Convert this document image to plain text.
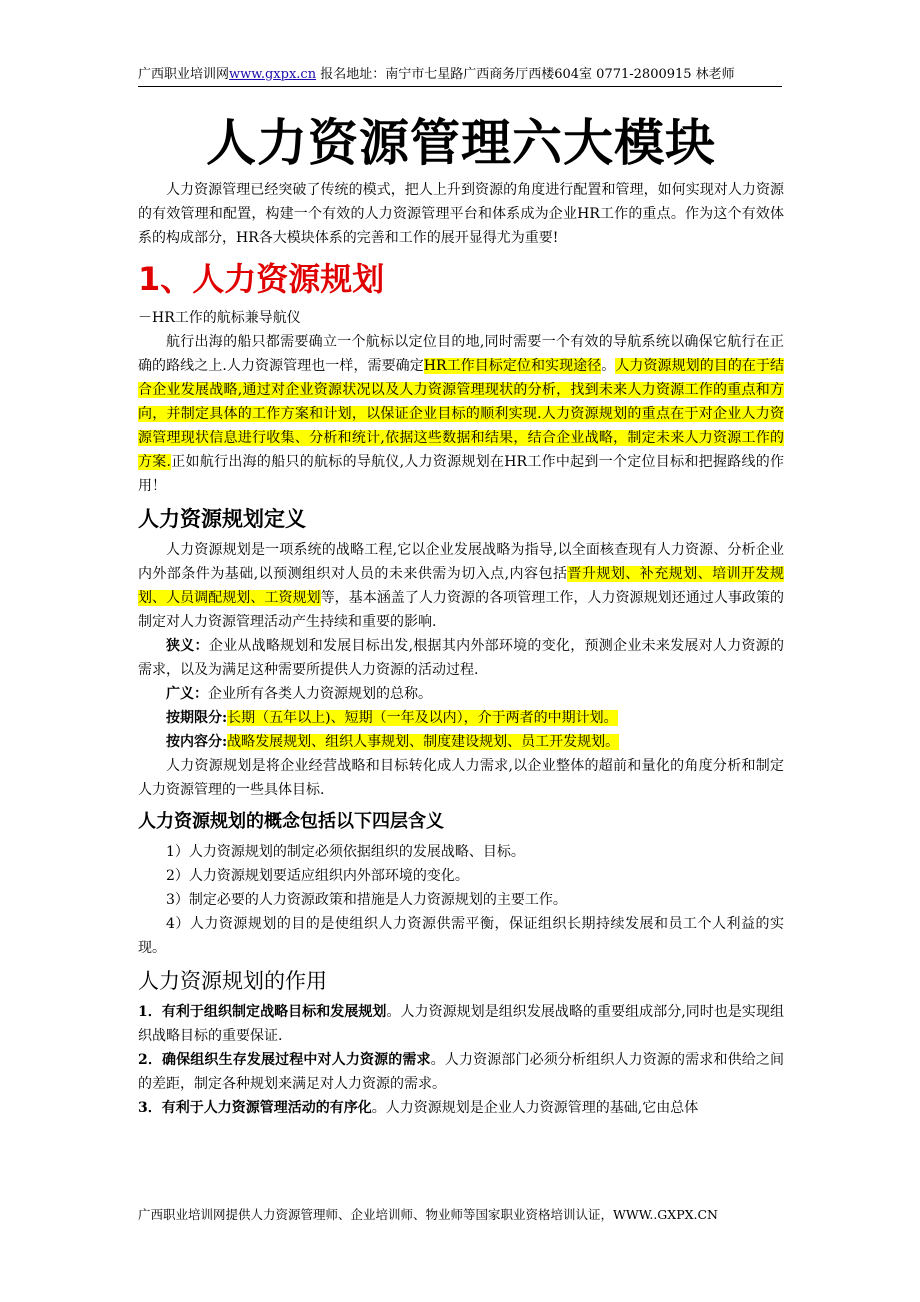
广西职业培训网www.gxpx.cn 报名地址：南宁市七星路广西商务厅西楼604室 0771-2800915 林老师
人力资源管理六大模块

人力资源管理已经突破了传统的模式，把人上升到资源的角度进行配置和管理，如何实现对人力资源的有效管理和配置，构建一个有效的人力资源管理平台和体系成为企业HR工作的重点。作为这个有效体系的构成部分，HR各大模块体系的完善和工作的展开显得尤为重要!

1、人力资源规划

－HR工作的航标兼导航仪

航行出海的船只都需要确立一个航标以定位目的地,同时需要一个有效的导航系统以确保它航行在正确的路线之上.人力资源管理也一样，需要确定HR工作目标定位和实现途径。人力资源规划的目的在于结合企业发展战略,通过对企业资源状况以及人力资源管理现状的分析，找到未来人力资源工作的重点和方向，并制定具体的工作方案和计划，以保证企业目标的顺利实现.人力资源规划的重点在于对企业人力资源管理现状信息进行收集、分析和统计,依据这些数据和结果，结合企业战略，制定未来人力资源工作的方案.正如航行出海的船只的航标的导航仪,人力资源规划在HR工作中起到一个定位目标和把握路线的作用！

人力资源规划定义

人力资源规划是一项系统的战略工程,它以企业发展战略为指导,以全面核查现有人力资源、分析企业内外部条件为基础,以预测组织对人员的未来供需为切入点,内容包括晋升规划、补充规划、培训开发规划、人员调配规划、工资规划等，基本涵盖了人力资源的各项管理工作，人力资源规划还通过人事政策的制定对人力资源管理活动产生持续和重要的影响.

狭义：企业从战略规划和发展目标出发,根据其内外部环境的变化，预测企业未来发展对人力资源的需求，以及为满足这种需要所提供人力资源的活动过程.

广义：企业所有各类人力资源规划的总称。

按期限分:长期（五年以上)、短期（一年及以内），介于两者的中期计划。

按内容分:战略发展规划、组织人事规划、制度建设规划、员工开发规划。

人力资源规划是将企业经营战略和目标转化成人力需求,以企业整体的超前和量化的角度分析和制定人力资源管理的一些具体目标.

人力资源规划的概念包括以下四层含义

1）人力资源规划的制定必须依据组织的发展战略、目标。

2）人力资源规划要适应组织内外部环境的变化。

3）制定必要的人力资源政策和措施是人力资源规划的主要工作。

4）人力资源规划的目的是使组织人力资源供需平衡，保证组织长期持续发展和员工个人利益的实现。

人力资源规划的作用

1．有利于组织制定战略目标和发展规划。人力资源规划是组织发展战略的重要组成部分,同时也是实现组织战略目标的重要保证.

2．确保组织生存发展过程中对人力资源的需求。人力资源部门必须分析组织人力资源的需求和供给之间的差距，制定各种规划来满足对人力资源的需求。

3．有利于人力资源管理活动的有序化。人力资源规划是企业人力资源管理的基础,它由总体

广西职业培训网提供人力资源管理师、企业培训师、物业师等国家职业资格培训认证，WWW..GXPX.CN
